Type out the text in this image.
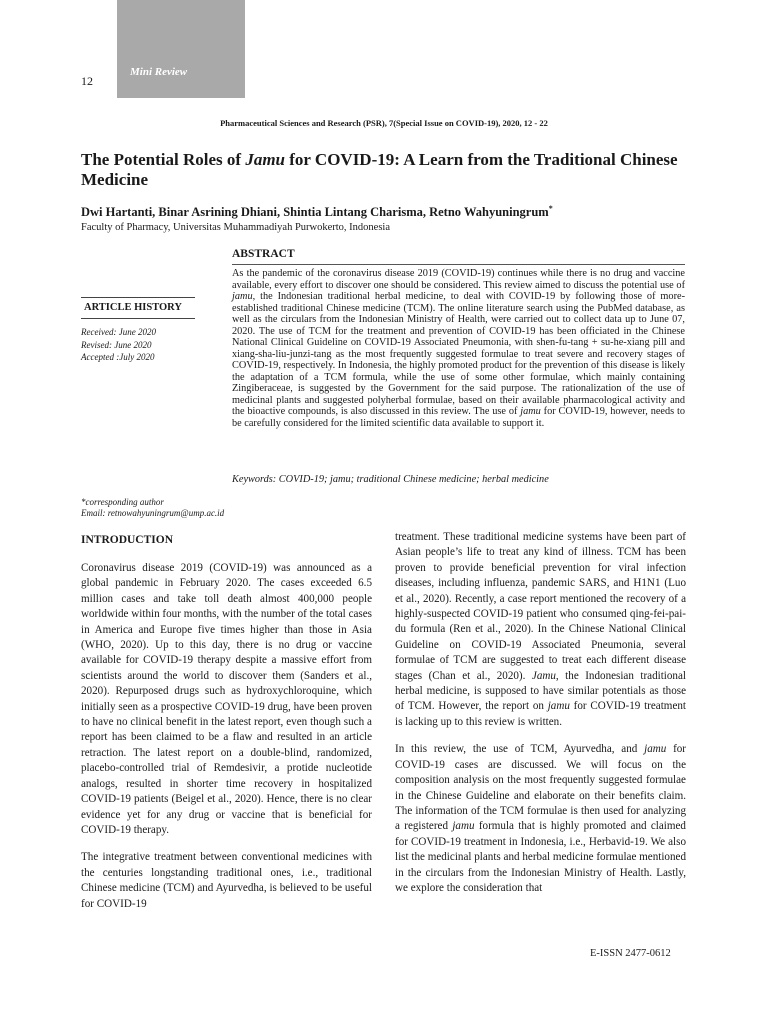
Mini Review
12
Pharmaceutical Sciences and Research (PSR), 7(Special Issue on COVID-19), 2020, 12 - 22
The Potential Roles of Jamu for COVID-19: A Learn from the Traditional Chinese Medicine
Dwi Hartanti, Binar Asrining Dhiani, Shintia Lintang Charisma, Retno Wahyuningrum*
Faculty of Pharmacy, Universitas Muhammadiyah Purwokerto, Indonesia
ABSTRACT

As the pandemic of the coronavirus disease 2019 (COVID-19) continues while there is no drug and vaccine available, every effort to discover one should be considered. This review aimed to discuss the potential use of jamu, the Indonesian traditional herbal medicine, to deal with COVID-19 by following those of more-established traditional Chinese medicine (TCM). The online literature search using the PubMed database, as well as the circulars from the Indonesian Ministry of Health, were carried out to collect data up to June 07, 2020. The use of TCM for the treatment and prevention of COVID-19 has been officiated in the Chinese National Clinical Guideline on COVID-19 Associated Pneumonia, with shen-fu-tang + su-he-xiang pill and xiang-sha-liu-junzi-tang as the most frequently suggested formulae to treat severe and recovery stages of COVID-19, respectively. In Indonesia, the highly promoted product for the prevention of this disease is likely the adaptation of a TCM formula, while the use of some other formulae, which mainly containing Zingiberaceae, is suggested by the Government for the said purpose. The rationalization of the use of medicinal plants and suggested polyherbal formulae, based on their available pharmacological activity and the bioactive compounds, is also discussed in this review. The use of jamu for COVID-19, however, needs to be carefully considered for the limited scientific data available to support it.

Keywords: COVID-19; jamu; traditional Chinese medicine; herbal medicine
ARTICLE HISTORY
Received: June 2020
Revised: June 2020
Accepted :July 2020
*corresponding author
Email: retnowahyuningrum@ump.ac.id
INTRODUCTION

Coronavirus disease 2019 (COVID-19) was announced as a global pandemic in February 2020. The cases exceeded 6.5 million cases and take toll death almost 400,000 people worldwide within four months, with the number of the total cases in America and Europe five times higher than those in Asia (WHO, 2020). Up to this day, there is no drug or vaccine available for COVID-19 therapy despite a massive effort from scientists around the world to discover them (Sanders et al., 2020). Repurposed drugs such as hydroxychloroquine, which initially seen as a prospective COVID-19 drug, have been proven to have no clinical benefit in the latest report, even though such a report has been claimed to be a flaw and resulted in an article retraction. The latest report on a double-blind, randomized, placebo-controlled trial of Remdesivir, a protide nucleotide analogs, resulted in shorter time recovery in hospitalized COVID-19 patients (Beigel et al., 2020). Hence, there is no clear evidence yet for any drug or vaccine that is beneficial for COVID-19 therapy.

The integrative treatment between conventional medicines with the centuries longstanding traditional ones, i.e., traditional Chinese medicine (TCM) and Ayurvedha, is believed to be useful for COVID-19

treatment. These traditional medicine systems have been part of Asian people’s life to treat any kind of illness. TCM has been proven to provide beneficial prevention for viral infection diseases, including influenza, pandemic SARS, and H1N1 (Luo et al., 2020). Recently, a case report mentioned the recovery of a highly-suspected COVID-19 patient who consumed qing-fei-pai-du formula (Ren et al., 2020). In the Chinese National Clinical Guideline on COVID-19 Associated Pneumonia, several formulae of TCM are suggested to treat each different disease stages (Chan et al., 2020). Jamu, the Indonesian traditional herbal medicine, is supposed to have similar potentials as those of TCM. However, the report on jamu for COVID-19 treatment is lacking up to this review is written.

In this review, the use of TCM, Ayurvedha, and jamu for COVID-19 cases are discussed. We will focus on the composition analysis on the most frequently suggested formulae in the Chinese Guideline and elaborate on their benefits claim. The information of the TCM formulae is then used for analyzing a registered jamu formula that is highly promoted and claimed for COVID-19 treatment in Indonesia, i.e., Herbavid-19. We also list the medicinal plants and herbal medicine formulae mentioned in the circulars from the Indonesian Ministry of Health. Lastly, we explore the consideration that

E-ISSN 2477-0612
